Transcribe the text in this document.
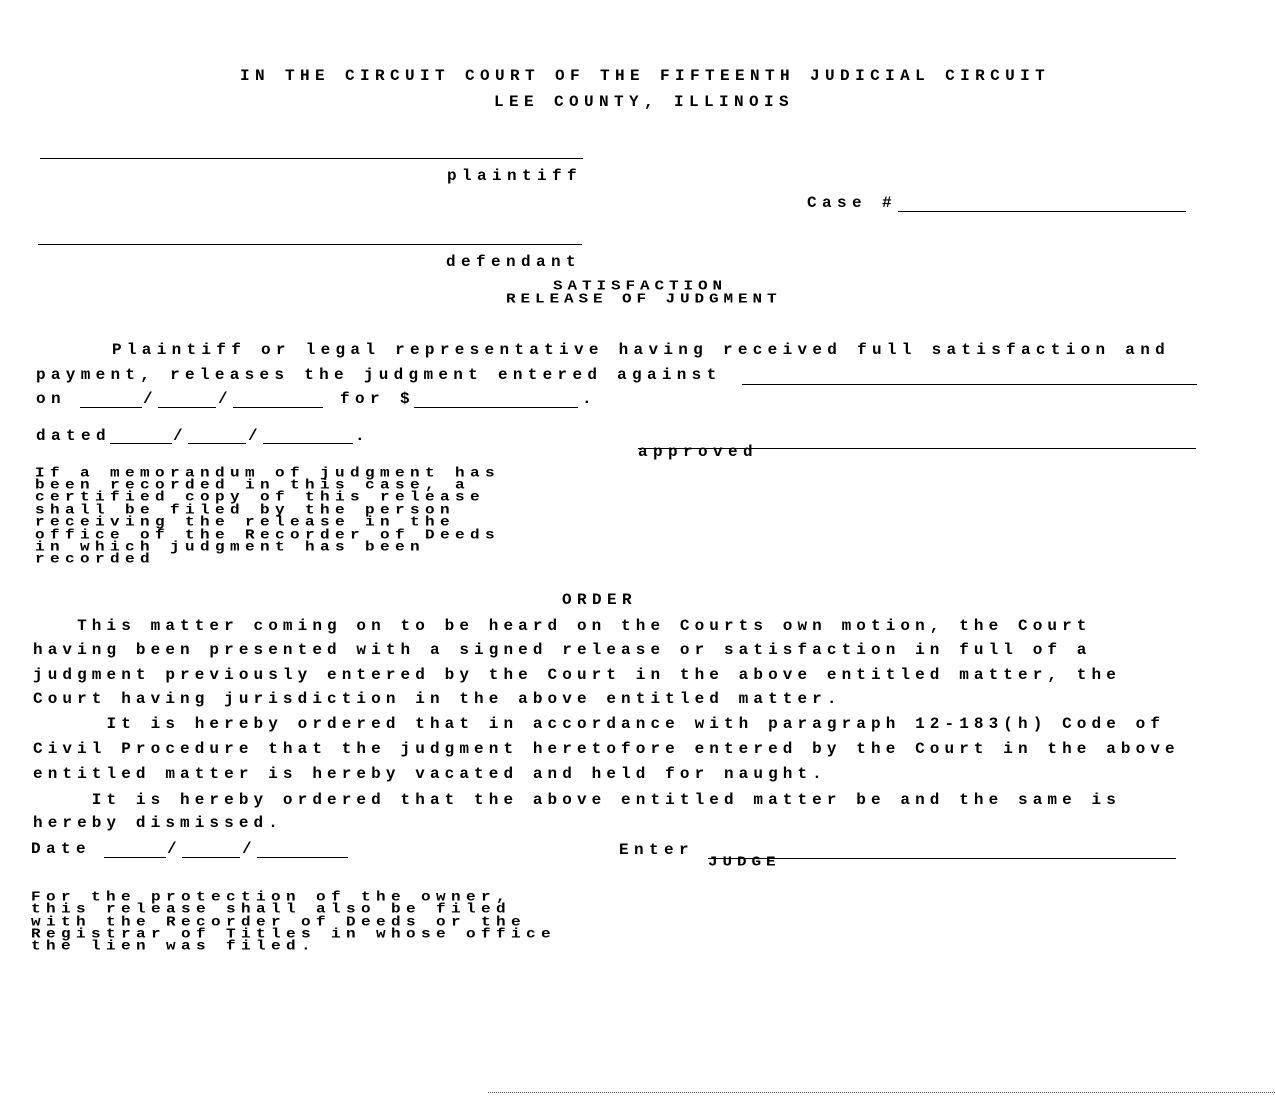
IN THE CIRCUIT COURT OF THE FIFTEENTH JUDICIAL CIRCUIT
LEE COUNTY, ILLINOIS
plaintiff
Case #
defendant
SATISFACTION
RELEASE OF JUDGMENT
Plaintiff or legal representative having received full satisfaction and
payment, releases the judgment entered against
on	/	/	for $	.
dated	/	/	.
approved
If a memorandum of judgment has
been recorded in this case, a
certified copy of this release
shall be filed by the person
receiving the release in the
office of the Recorder of Deeds
in which judgment has been
recorded
ORDER
This matter coming on to be heard on the Courts own motion, the Court
having been presented with a signed release or satisfaction in full of a
judgment previously entered by the Court in the above entitled matter, the
Court having jurisdiction in the above entitled matter.
It is hereby ordered that in accordance with paragraph 12-183(h) Code of
Civil Procedure that the judgment heretofore entered by the Court in the above
entitled matter is hereby vacated and held for naught.
It is hereby ordered that the above entitled matter be and the same is
hereby dismissed.
Date	/	/	Enter
JUDGE
For the protection of the owner,
this release shall also be filed
with the Recorder of Deeds or the
Registrar of Titles in whose office
the lien was filed.
